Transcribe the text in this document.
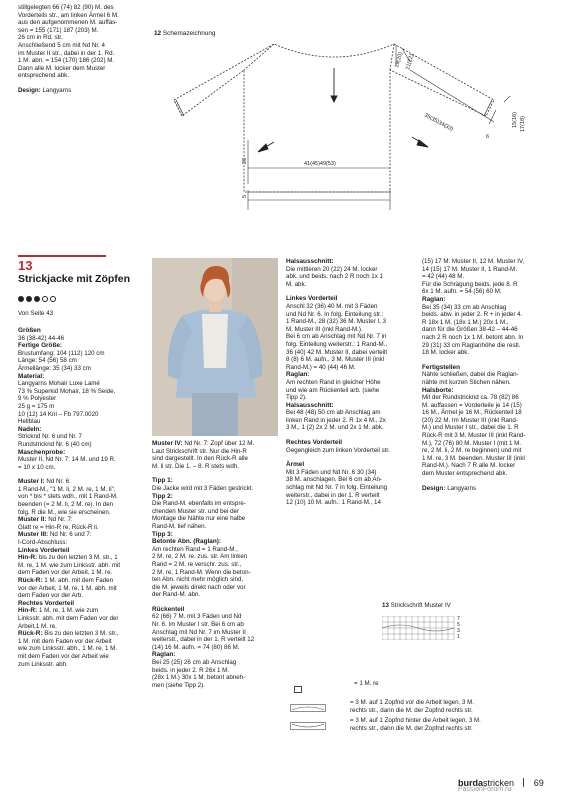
stillgelegten 66 (74) 82 (90) M. des

Vorderteils str., am linken Ärmel 6 M.

aus den aufgenommenen M. auffas-

sen = 155 (171) 187 (203) M.

26 cm in Rd. str.

Anschließend 5 cm mit Nd Nr. 4

im Muster II str., dabei in der 1. Rd.

1 M. abn. = 154 (170) 186 (202) M.

Dann alle M. locker dem Muster

entsprechend abk.

Design: Langyarns

12 Schemazeichnung

19(20) 21(22)
35(35)34(33)
6
15(16) 17(18)
26	41(45)49(53)
5
13
Strickjacke mit Zöpfen

Von Seite 43

Größen

36 (38-42) 44-46

Fertige Größe:

Brustumfang: 104 (112) 120 cm

Länge: 54 (56) 58 cm

Ärmellänge: 35 (34) 33 cm

Material:

Langyarns Mohair Luxe Lamé

73 % Superkid Mohair, 18 % Seide,

9 % Polyester

25 g = 175 m

10 (12) 14 Knl – Fb 797.0020

Hellblau

Nadeln:

Stricknd Nr. 6 und Nr. 7

Rundstricknd Nr. 6 (40 cm)

Maschenprobe:

Muster II, Nd Nr. 7: 14 M. und 19 R.

= 10 x 10 cm.

Muster I: Nd Nr. 6:

1 Rand-M., "1 M. li, 2 M. re, 1 M. li",

von * bis * stets wdh., mit 1 Rand-M.

beenden (= 2 M. li, 2 M. re). In den

folg. R die M., wie sie erscheinen.

Muster II: Nd Nr. 7:

Glatt re = Hin-R re, Rück-R li.

Muster III: Nd Nr. 6 und 7:

I-Cord-Abschluss:

Linkes Vorderteil

Hin-R: bis zu den letzten 3 M. str., 1

M. re, 1 M. wie zum Linksstr. abh. mit

dem Faden vor der Arbeit, 1 M. re.

Rück-R: 1 M. abh. mit dem Faden

vor der Arbeit, 1 M. re, 1 M. abh. mit

dem Faden vor der Arb.

Rechtes Vorderteil

Hin-R: 1 M. re, 1 M. wie zum

Linksstr. abh. mit dem Faden vor der

Arbeit,1 M. re.

Rück-R: Bis zu den letzten 3 M. str.,

1 M. mit dem Faden vor der Arbeit

wie zum Linksstr. abh., 1 M. re, 1 M.

mit dem Faden vor der Arbeit wie

zum Linksstr. abh.

Muster IV: Nd Nr. 7: Zopf über 12 M.

Laut Strickschrift str. Nur die Hin-R

sind dargestellt. In den Rück-R alle

M. li str. Die 1. – 8. R stets wdh.

Tipp 1:

Die Jacke wird mit 3 Fäden gestrickt.

Tipp 2:

Die Rand-M. ebenfalls im entspre-

chenden Muster str. und bei der

Montage die Nähte nur eine halbe

Rand-M. tief nähen.

Tipp 3:

Betonte Abn. (Raglan):

Am rechten Rand = 1 Rand-M.,

2 M. re, 2 M. re. zus. str. Am linken

Rand = 2 M. re verschr. zus. str.,

2 M. re, 1 Rand-M. Wenn die beton-

ten Abn. nicht mehr möglich sind,

die M. jeweils direkt nach oder vor

der Rand-M. abn.

Rückenteil

62 (66) 7 M. mit 3 Fäden und Nd

Nr. 6. Im Muster I str. Bei 6 cm ab

Anschlag mit Nd Nr. 7 im Muster II

weiterstr., dabei in der 1. R verteilt 12

(14) 16 M. aufn. = 74 (80) 86 M.

Raglan:

Bei 25 (25) 26 cm ab Anschlag

beids. in jeder 2. R 26x 1 M.

(28x 1 M.) 30x 1 M. betont abneh-

men (siehe Tipp 2).

Halsausschnitt:

Die mittleren 20 (22) 24 M. locker

abk. und beids. nach 2 R noch 1x 1

M. abk.

Linkes Vorderteil

Anschl 32 (36) 40 M. mit 3 Fäden

und Nd Nr. 6. In folg. Einteilung str.:

1 Rand-M., 28 (32) 36 M. Muster I, 3

M. Muster III (inkl Rand-M.).

Bei 6 cm ab Anschlag mit Nd Nr. 7 in

folg. Einteilung weiterstr.: 1 Rand-M.,

36 (40) 42 M. Muster II, dabei verteilt

8 (8) 6 M. aufn., 3 M. Muster III (inkl

Rand-M.) = 40 (44) 46 M.

Raglan:

Am rechten Rand in gleicher Höhe

und wie am Rückenteil arb. (siehe

Tipp 2).

Halsausschnitt:

Bei 48 (48) 50 cm ab Anschlag am

linken Rand in jeder 2. R 1x 4 M., 2x

3 M., 1 (2) 2x 2 M. und 2x 1 M. abk.

Rechtes Vorderteil

Gegengleich zum linken Vorderteil str.

Ärmel

Mit 3 Fäden und Nd Nr. 6 30 (34)

38 M. anschlagen. Bei 6 cm ab An-

schlag mit Nd Nr. 7 in folg. Einteilung

weiterstr., dabei in der 1. R verteilt

12 (10) 10 M. aufn.: 1 Rand-M., 14

(15) 17 M. Muster II, 12 M. Muster IV,

14 (15) 17 M. Muster II, 1 Rand-M.

= 42 (44) 48 M.

Für die Schrägung beids. jede 8. R

6x 1 M. aufn. = 54 (56) 60 M.

Raglan:

Bei 35 (34) 33 cm ab Anschlag

beids. abw. in jeder 2. R + in jeder 4.

R 18x 1 M. (18x 1 M.) 20x 1 M.,

dann für die Größen 38-42 – 44-46

nach 2 R noch 1x 1 M. betont abn. In

29 (31) 33 cm Raglanhöhe die restl.

18 M. locker abk.

Fertigstellen

Nähte schließen, dabei die Raglan-

nähte mit kurzen Stichen nähen.

Halsborte:

Mit der Rundstricknd ca. 78 (82) 86

M. auffassen = Vorderteile je 14 (15)

16 M., Ärmel je 16 M., Rückenteil 18

(20) 22 M. Im Muster III (inkl Rand-

M.) und Muster I str., dabei die 1. R

Rück-R mit 3 M. Muster III (inkl Rand-

M.), 72 (76) 80 M. Muster I (mit 1 M.

re, 2 M. li, 2 M. re beginnen) und mit

1 M. re, 3 M. beenden. Muster III (inkl

Rand-M.). Nach 7 R alle M. locker

dem Muster entsprechend abk.

Design: Langyarns

13 Strickschrift Muster IV

7
5
3
1

= 1 M. re

= 3 M. auf 1 Zopfnd vor die Arbeit legen, 3 M.

rechts str., dann die M. der Zopfnd rechts str.

= 3 M. auf 1 Zopfnd hinter die Arbeit legen, 3 M.

rechts str., dann die M. der Zopfnd rechts str.

burdastricken 69
PassionForum.ru
